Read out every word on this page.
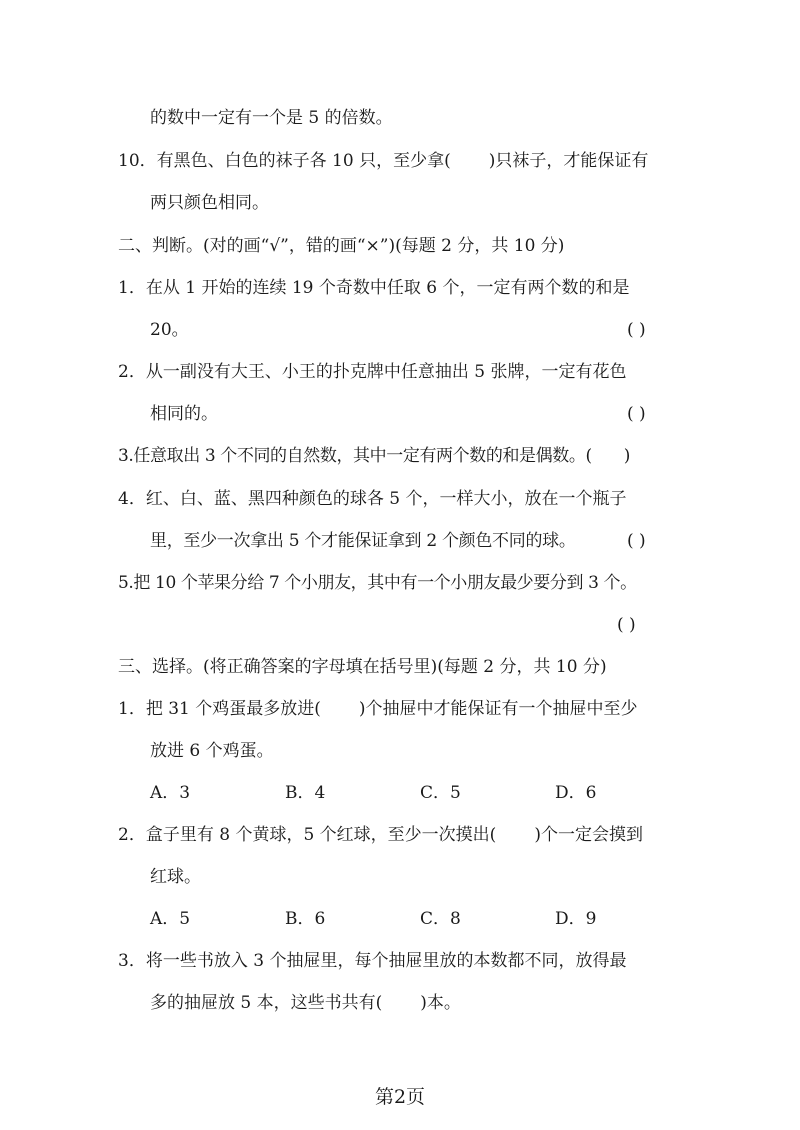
的数中一定有一个是 5 的倍数。
10．有黑色、白色的袜子各 10 只，至少拿( )只袜子，才能保证有
两只颜色相同。
二、判断。(对的画“√”，错的画“×”)(每题 2 分，共 10 分)
1．在从 1 开始的连续 19 个奇数中任取 6 个，一定有两个数的和是
20。	( )
2．从一副没有大王、小王的扑克牌中任意抽出 5 张牌，一定有花色
相同的。	( )
3.任意取出 3 个不同的自然数，其中一定有两个数的和是偶数。( )
4．红、白、蓝、黑四种颜色的球各 5 个，一样大小，放在一个瓶子
里，至少一次拿出 5 个才能保证拿到 2 个颜色不同的球。	( )
5.把 10 个苹果分给 7 个小朋友，其中有一个小朋友最少要分到 3 个。
( )
三、选择。(将正确答案的字母填在括号里)(每题 2 分，共 10 分)
1．把 31 个鸡蛋最多放进( )个抽屉中才能保证有一个抽屉中至少
放进 6 个鸡蛋。
A．3	B．4	C．5	D．6
2．盒子里有 8 个黄球，5 个红球，至少一次摸出( )个一定会摸到
红球。
A．5	B．6	C．8	D．9
3．将一些书放入 3 个抽屉里，每个抽屉里放的本数都不同，放得最
多的抽屉放 5 本，这些书共有( )本。
第2页
